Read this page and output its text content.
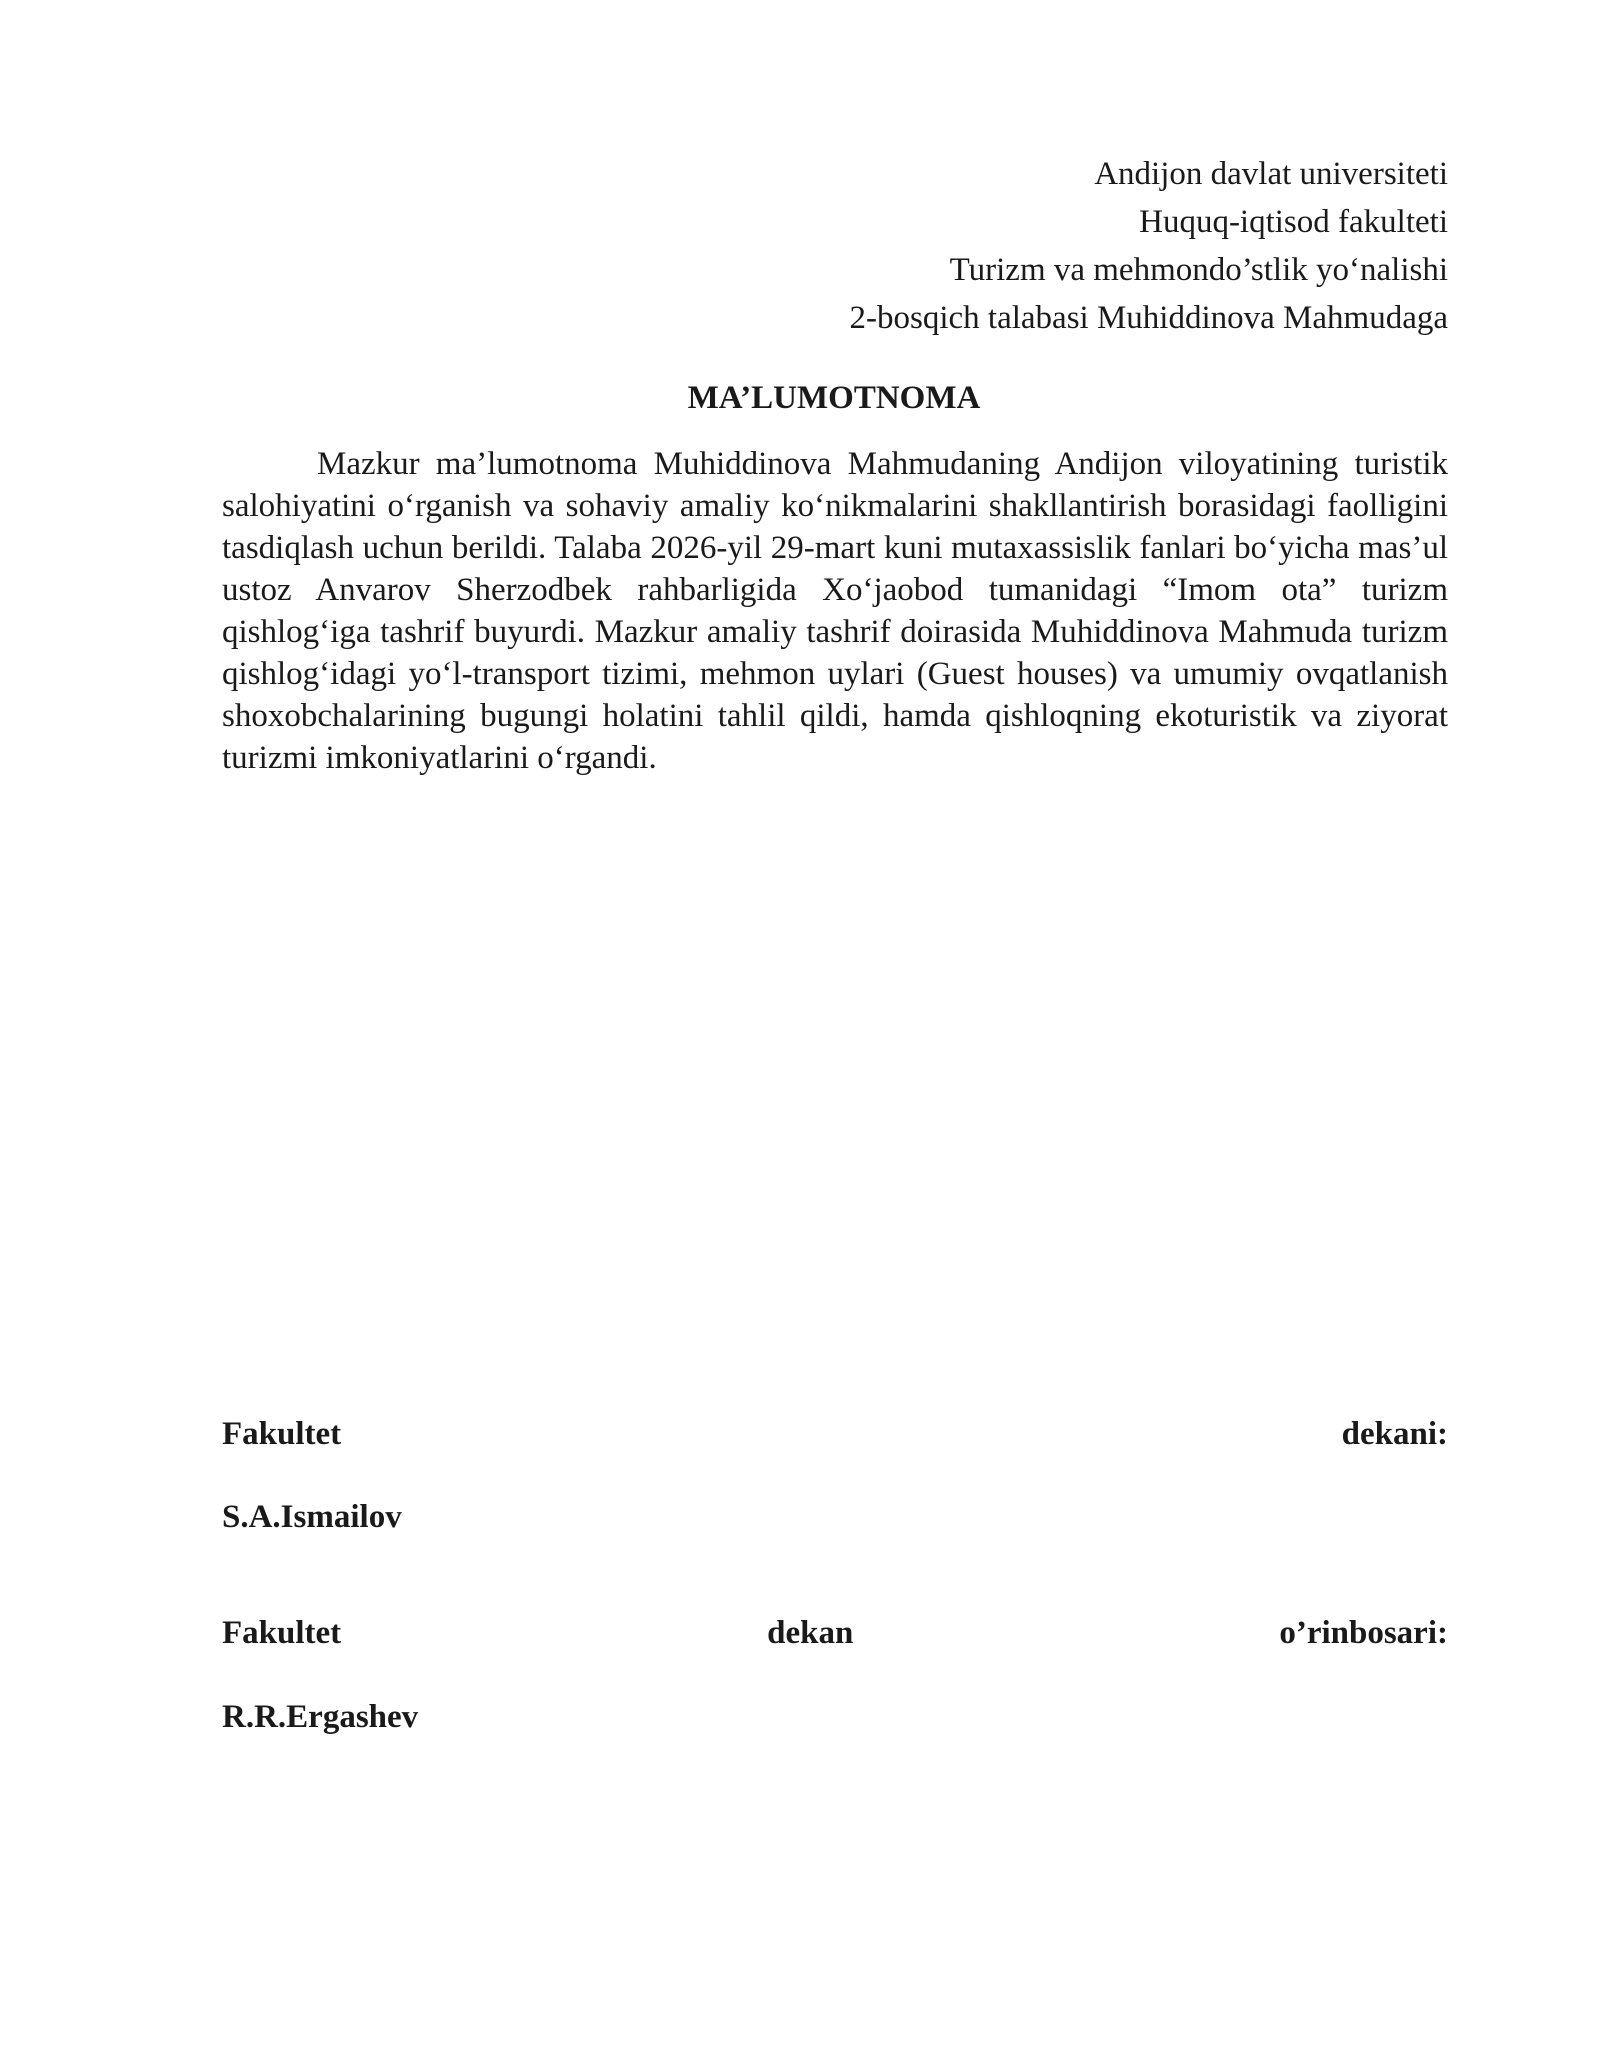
Andijon davlat universiteti
Huquq-iqtisod fakulteti
Turizm va mehmondo’stlik yo‘nalishi
2-bosqich talabasi Muhiddinova Mahmudaga
MA’LUMOTNOMA

Mazkur ma’lumotnoma Muhiddinova Mahmudaning Andijon viloyatining turistik salohiyatini o‘rganish va sohaviy amaliy ko‘nikmalarini shakllantirish borasidagi faolligini tasdiqlash uchun berildi. Talaba 2026-yil 29-mart kuni mutaxassislik fanlari bo‘yicha mas’ul ustoz Anvarov Sherzodbek rahbarligida Xo‘jaobod tumanidagi “Imom ota” turizm qishlog‘iga tashrif buyurdi. Mazkur amaliy tashrif doirasida Muhiddinova Mahmuda turizm qishlog‘idagi yo‘l-transport tizimi, mehmon uylari (Guest houses) va umumiy ovqatlanish shoxobchalarining bugungi holatini tahlil qildi, hamda qishloqning ekoturistik va ziyorat turizmi imkoniyatlarini o‘rgandi.

Fakultet	dekani:
S.A.Ismailov
Fakultet	dekan	o’rinbosari:
R.R.Ergashev
